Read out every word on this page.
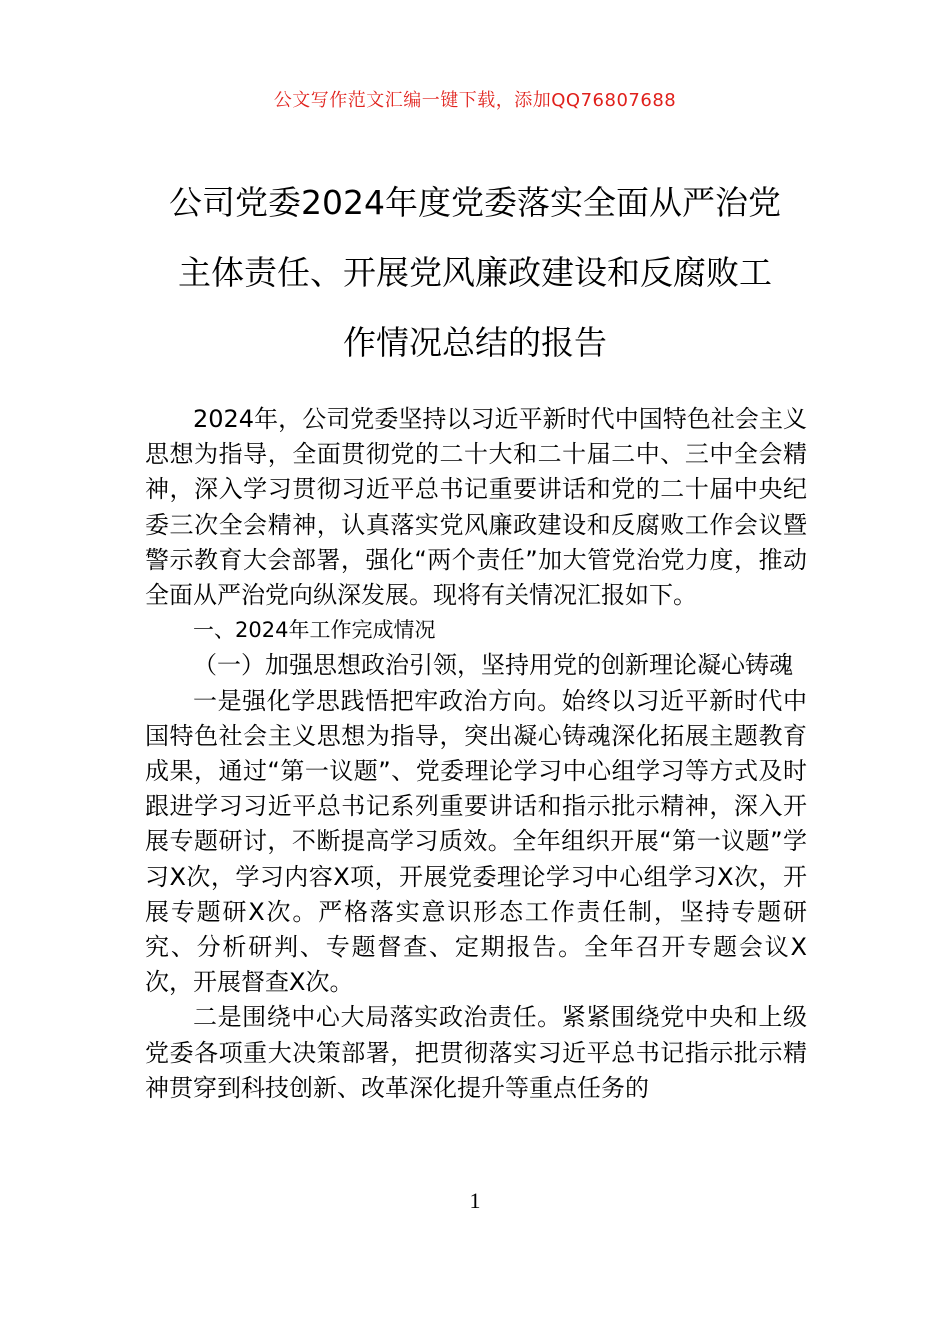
公文写作范文汇编一键下载，添加QQ76807688
公司党委2024年度党委落实全面从严治党
主体责任、开展党风廉政建设和反腐败工
作情况总结的报告

2024年，公司党委坚持以习近平新时代中国特色社会主义思想为指导，全面贯彻党的二十大和二十届二中、三中全会精神，深入学习贯彻习近平总书记重要讲话和党的二十届中央纪委三次全会精神，认真落实党风廉政建设和反腐败工作会议暨警示教育大会部署，强化“两个责任”加大管党治党力度，推动全面从严治党向纵深发展。现将有关情况汇报如下。

一、2024年工作完成情况

（一）加强思想政治引领，坚持用党的创新理论凝心铸魂

一是强化学思践悟把牢政治方向。始终以习近平新时代中国特色社会主义思想为指导，突出凝心铸魂深化拓展主题教育成果，通过“第一议题”、党委理论学习中心组学习等方式及时跟进学习习近平总书记系列重要讲话和指示批示精神，深入开展专题研讨，不断提高学习质效。全年组织开展“第一议题”学习X次，学习内容X项，开展党委理论学习中心组学习X次，开展专题研X次。严格落实意识形态工作责任制，坚持专题研究、分析研判、专题督查、定期报告。全年召开专题会议X次，开展督查X次。

二是围绕中心大局落实政治责任。紧紧围绕党中央和上级党委各项重大决策部署，把贯彻落实习近平总书记指示批示精神贯穿到科技创新、改革深化提升等重点任务的

1
